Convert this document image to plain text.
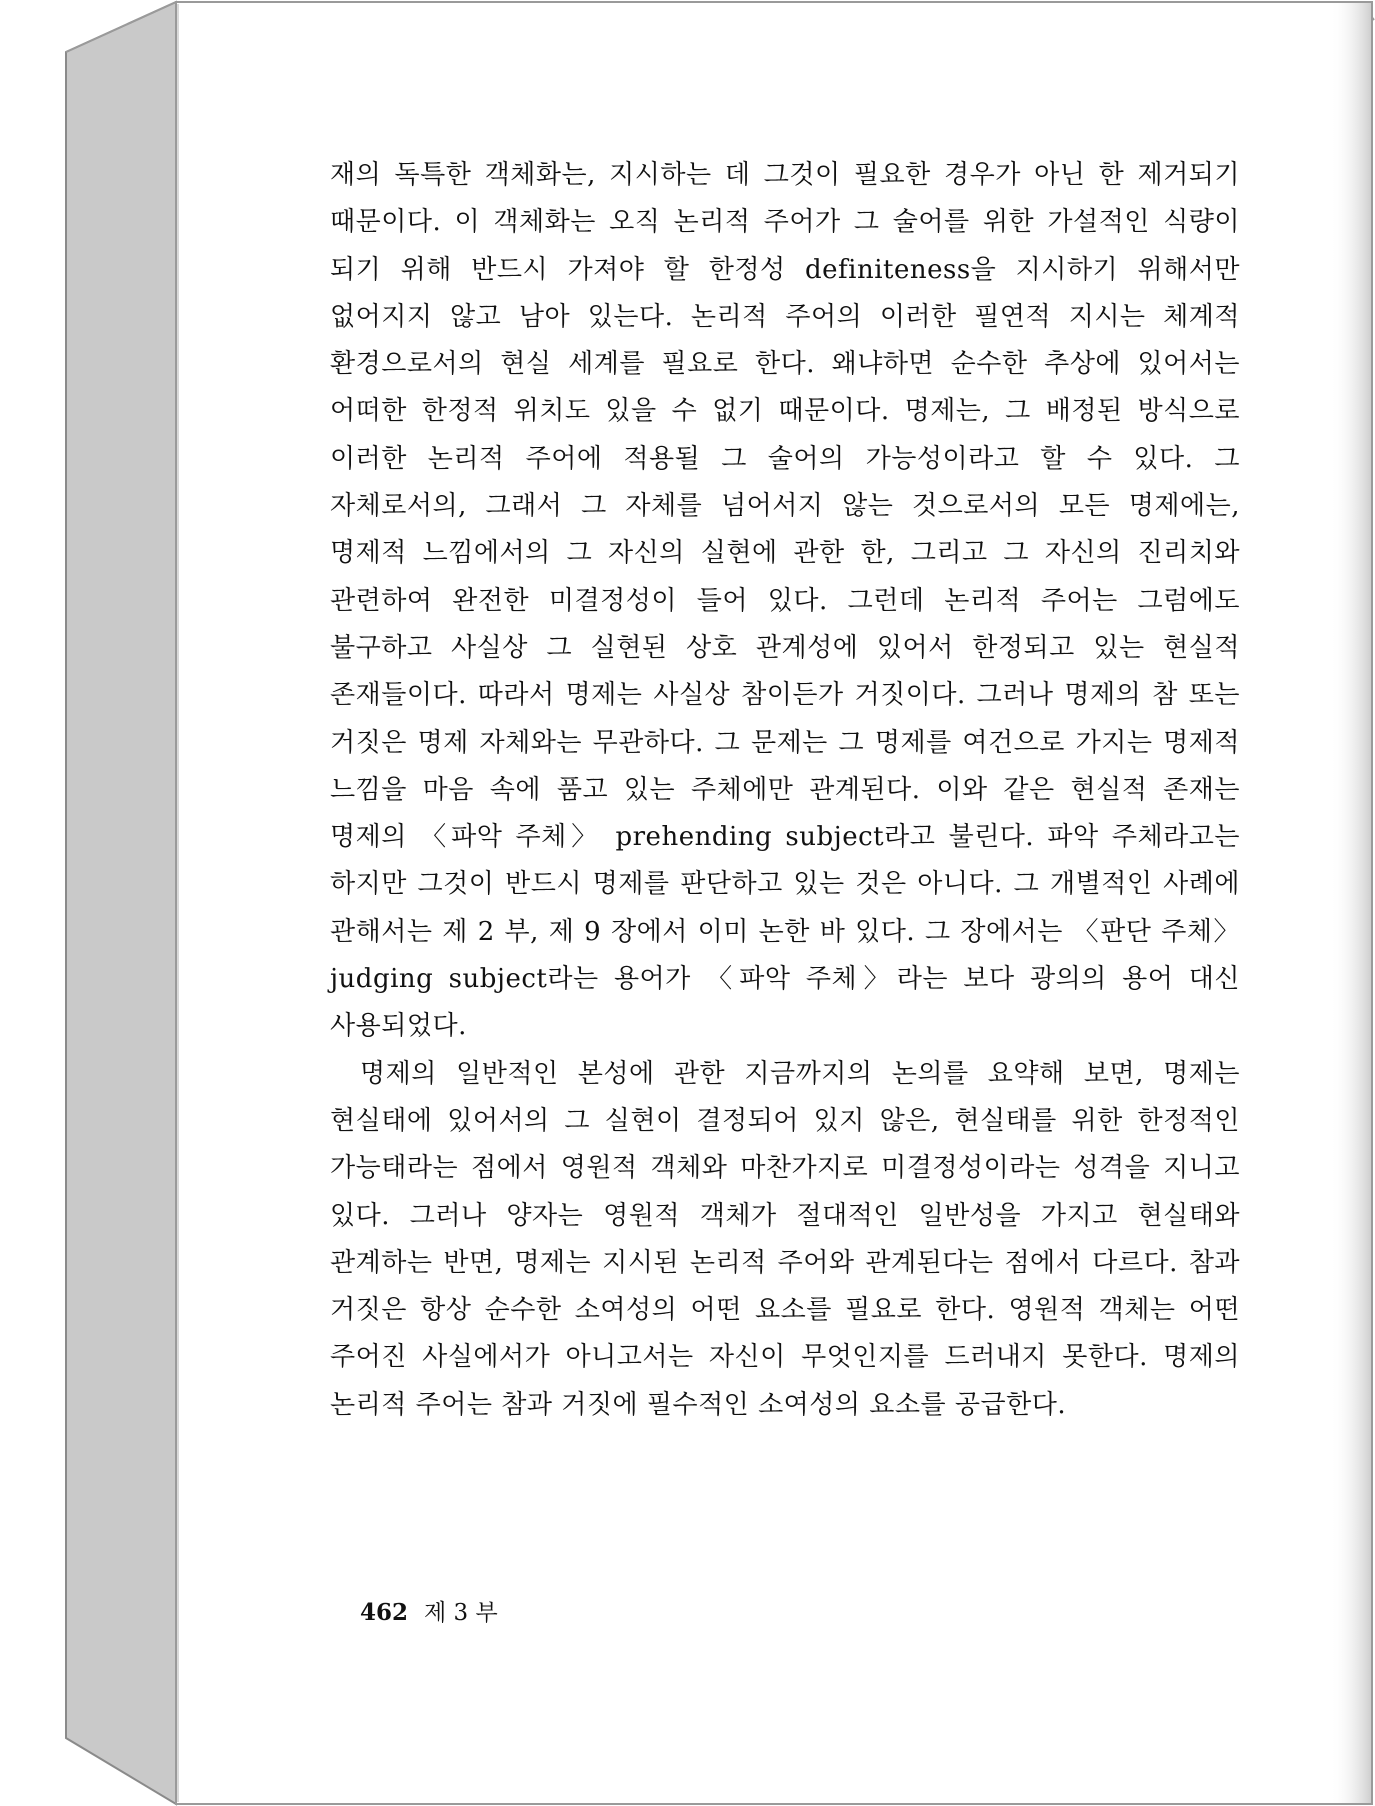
재의 독특한 객체화는, 지시하는 데 그것이 필요한 경우가 아닌 한 제거되기 때문이다. 이 객체화는 오직 논리적 주어가 그 술어를 위한 가설적인 식량이 되기 위해 반드시 가져야 할 한정성 definiteness을 지시하기 위해서만 없어지지 않고 남아 있는다. 논리적 주어의 이러한 필연적 지시는 체계적 환경으로서의 현실 세계를 필요로 한다. 왜냐하면 순수한 추상에 있어서는 어떠한 한정적 위치도 있을 수 없기 때문이다. 명제는, 그 배정된 방식으로 이러한 논리적 주어에 적용될 그 술어의 가능성이라고 할 수 있다. 그 자체로서의, 그래서 그 자체를 넘어서지 않는 것으로서의 모든 명제에는, 명제적 느낌에서의 그 자신의 실현에 관한 한, 그리고 그 자신의 진리치와 관련하여 완전한 미결정성이 들어 있다. 그런데 논리적 주어는 그럼에도 불구하고 사실상 그 실현된 상호 관계성에 있어서 한정되고 있는 현실적 존재들이다. 따라서 명제는 사실상 참이든가 거짓이다. 그러나 명제의 참 또는 거짓은 명제 자체와는 무관하다. 그 문제는 그 명제를 여건으로 가지는 명제적 느낌을 마음 속에 품고 있는 주체에만 관계된다. 이와 같은 현실적 존재는 명제의 〈파악 주체〉 prehending subject라고 불린다. 파악 주체라고는 하지만 그것이 반드시 명제를 판단하고 있는 것은 아니다. 그 개별적인 사례에 관해서는 제 2 부, 제 9 장에서 이미 논한 바 있다. 그 장에서는 〈판단 주체〉 judging subject라는 용어가 〈파악 주체〉라는 보다 광의의 용어 대신 사용되었다.

명제의 일반적인 본성에 관한 지금까지의 논의를 요약해 보면, 명제는 현실태에 있어서의 그 실현이 결정되어 있지 않은, 현실태를 위한 한정적인 가능태라는 점에서 영원적 객체와 마찬가지로 미결정성이라는 성격을 지니고 있다. 그러나 양자는 영원적 객체가 절대적인 일반성을 가지고 현실태와 관계하는 반면, 명제는 지시된 논리적 주어와 관계된다는 점에서 다르다. 참과 거짓은 항상 순수한 소여성의 어떤 요소를 필요로 한다. 영원적 객체는 어떤 주어진 사실에서가 아니고서는 자신이 무엇인지를 드러내지 못한다. 명제의 논리적 주어는 참과 거짓에 필수적인 소여성의 요소를 공급한다.

462 제 3 부
